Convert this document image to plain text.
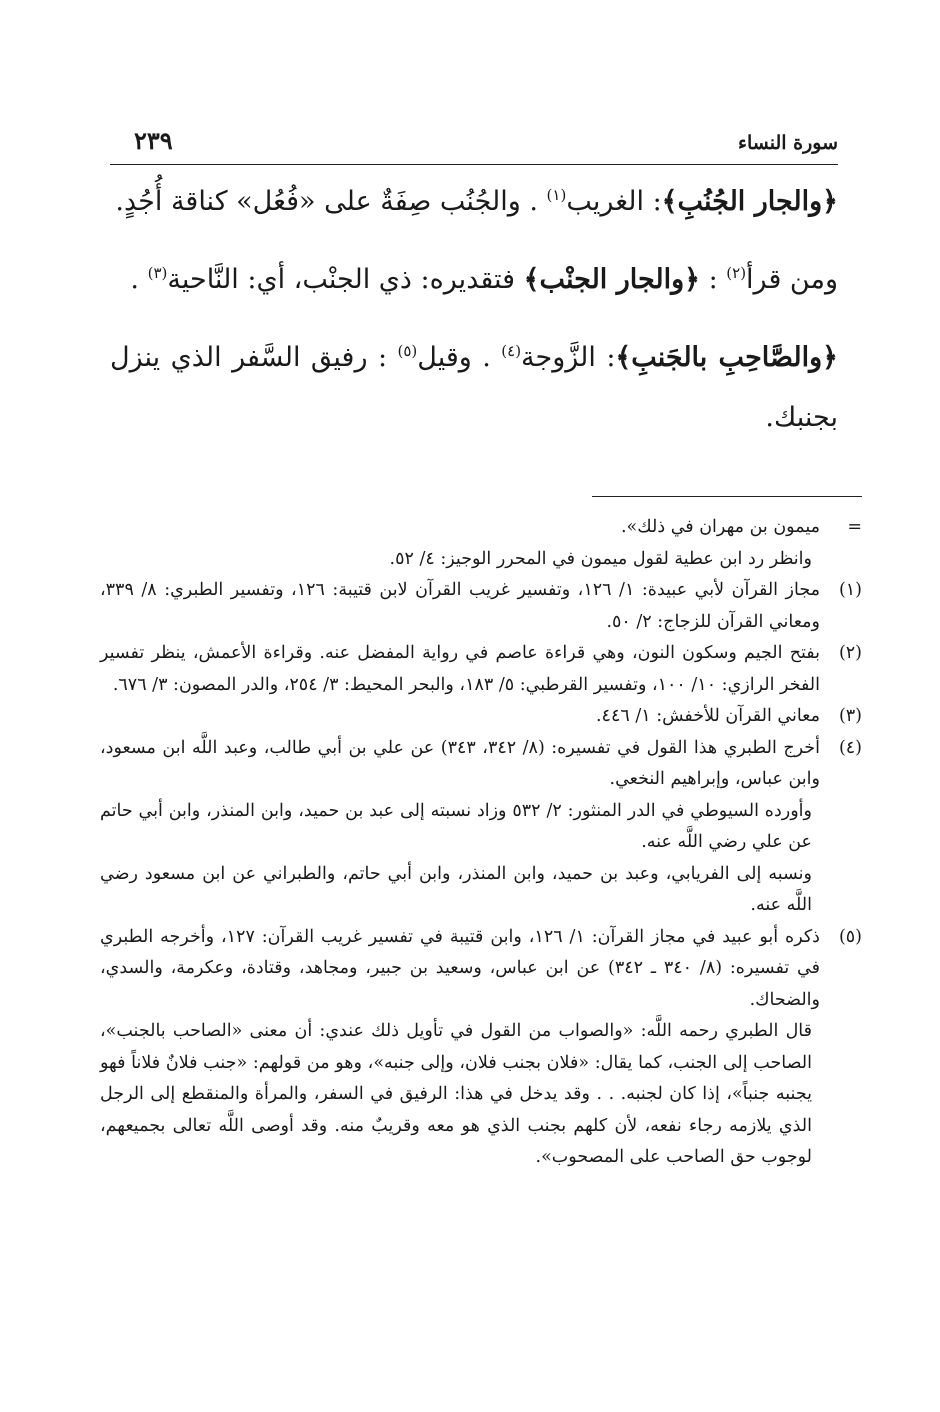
سورة النساء
٢٣٩

﴿والجار الجُنُبِ﴾: الغريب$^{(١)}$ . والجُنُب صِفَةٌ على «فُعُل» كناقة أُجُدٍ.

ومن قرأ$^{(٢)}$ : ﴿والجار الجنْب﴾ فتقديره: ذي الجنْب، أي: النَّاحية$^{(٣)}$ .

﴿والصَّاحِبِ بالجَنبِ﴾: الزَّوجة$^{(٤)}$ . وقيل$^{(٥)}$ : رفيق السَّفر الذي ينزل بجنبك.

=
ميمون بن مهران في ذلك».
وانظر رد ابن عطية لقول ميمون في المحرر الوجيز: ٤/ ٥٢.
(١)
مجاز القرآن لأبي عبيدة: ١/ ١٢٦، وتفسير غريب القرآن لابن قتيبة: ١٢٦، وتفسير الطبري: ٨/ ٣٣٩، ومعاني القرآن للزجاج: ٢/ ٥٠.
(٢)
بفتح الجيم وسكون النون، وهي قراءة عاصم في رواية المفضل عنه. وقراءة الأعمش، ينظر تفسير الفخر الرازي: ١٠/ ١٠٠، وتفسير القرطبي: ٥/ ١٨٣، والبحر المحيط: ٣/ ٢٥٤، والدر المصون: ٣/ ٦٧٦.
(٣)
معاني القرآن للأخفش: ١/ ٤٤٦.
(٤)
أخرج الطبري هذا القول في تفسيره: (٨/ ٣٤٢، ٣٤٣) عن علي بن أبي طالب، وعبد اللَّه ابن مسعود، وابن عباس، وإبراهيم النخعي.
وأورده السيوطي في الدر المنثور: ٢/ ٥٣٢ وزاد نسبته إلى عبد بن حميد، وابن المنذر، وابن أبي حاتم عن علي رضي اللَّه عنه.
ونسبه إلى الفريابي، وعبد بن حميد، وابن المنذر، وابن أبي حاتم، والطبراني عن ابن مسعود رضي اللَّه عنه.
(٥)
ذكره أبو عبيد في مجاز القرآن: ١/ ١٢٦، وابن قتيبة في تفسير غريب القرآن: ١٢٧، وأخرجه الطبري في تفسيره: (٨/ ٣٤٠ ـ ٣٤٢) عن ابن عباس، وسعيد بن جبير، ومجاهد، وقتادة، وعكرمة، والسدي، والضحاك.
قال الطبري رحمه اللَّه: «والصواب من القول في تأويل ذلك عندي: أن معنى «الصاحب بالجنب»، الصاحب إلى الجنب، كما يقال: «فلان بجنب فلان، وإلى جنبه»، وهو من قولهم: «جنب فلانٌ فلاناً فهو يجنبه جنباً»، إذا كان لجنبه. . . وقد يدخل في هذا: الرفيق في السفر، والمرأة والمنقطع إلى الرجل الذي يلازمه رجاء نفعه، لأن كلهم بجنب الذي هو معه وقريبٌ منه. وقد أوصى اللَّه تعالى بجميعهم، لوجوب حق الصاحب على المصحوب».
